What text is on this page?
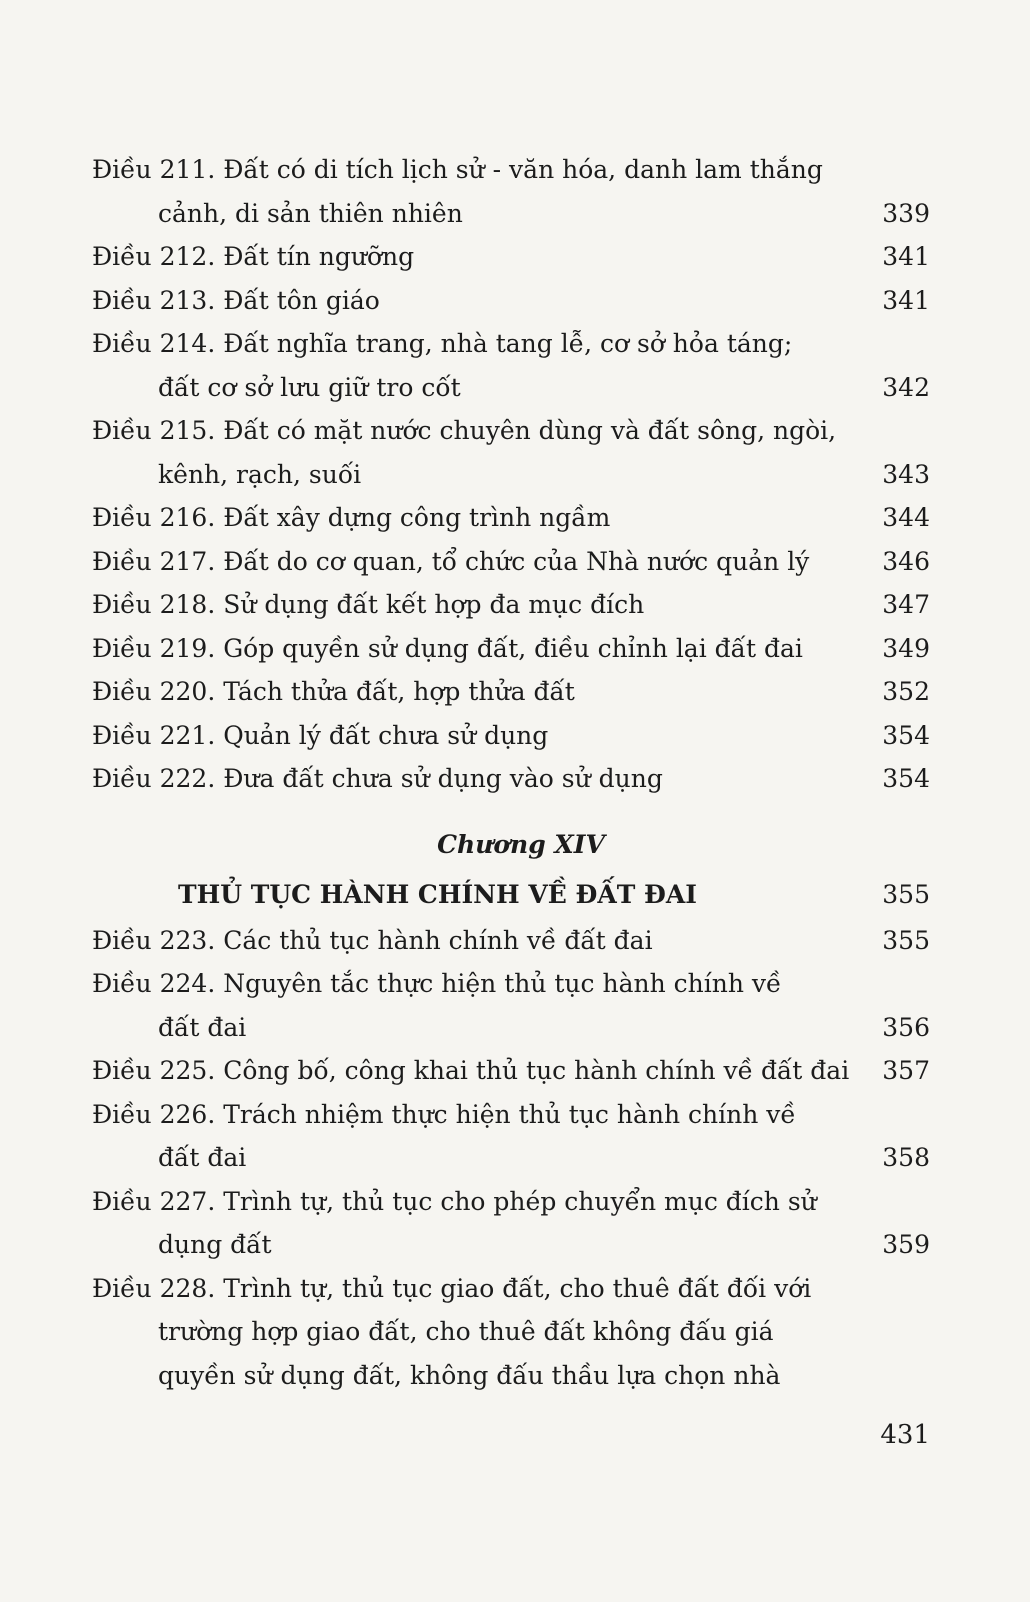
Điều 211. Đất có di tích lịch sử - văn hóa, danh lam thắng
cảnh, di sản thiên nhiên	339
Điều 212. Đất tín ngưỡng	341
Điều 213. Đất tôn giáo	341
Điều 214. Đất nghĩa trang, nhà tang lễ, cơ sở hỏa táng;
đất cơ sở lưu giữ tro cốt	342
Điều 215. Đất có mặt nước chuyên dùng và đất sông, ngòi,
kênh, rạch, suối	343
Điều 216. Đất xây dựng công trình ngầm	344
Điều 217. Đất do cơ quan, tổ chức của Nhà nước quản lý	346
Điều 218. Sử dụng đất kết hợp đa mục đích	347
Điều 219. Góp quyền sử dụng đất, điều chỉnh lại đất đai	349
Điều 220. Tách thửa đất, hợp thửa đất	352
Điều 221. Quản lý đất chưa sử dụng	354
Điều 222. Đưa đất chưa sử dụng vào sử dụng	354
Chương XIV
THỦ TỤC HÀNH CHÍNH VỀ ĐẤT ĐAI	355
Điều 223. Các thủ tục hành chính về đất đai	355
Điều 224. Nguyên tắc thực hiện thủ tục hành chính về
đất đai	356
Điều 225. Công bố, công khai thủ tục hành chính về đất đai 357
Điều 226. Trách nhiệm thực hiện thủ tục hành chính về
đất đai	358
Điều 227. Trình tự, thủ tục cho phép chuyển mục đích sử
dụng đất	359
Điều 228. Trình tự, thủ tục giao đất, cho thuê đất đối với
trường hợp giao đất, cho thuê đất không đấu giá
quyền sử dụng đất, không đấu thầu lựa chọn nhà
431
